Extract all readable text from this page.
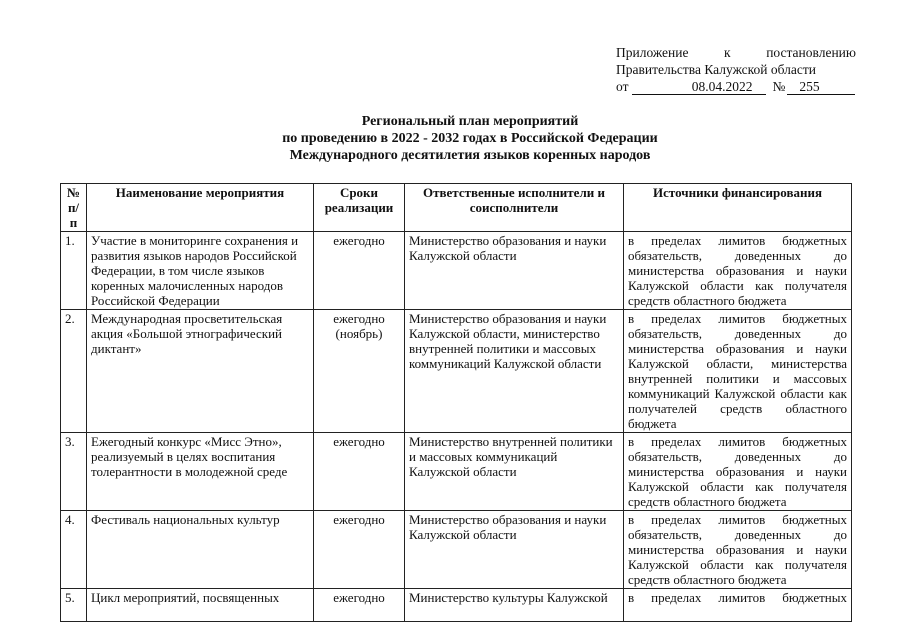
Приложение	к	постановлению
Правительства Калужской области
от	08.04.2022	№	255
Региональный план мероприятий
по проведению в 2022 - 2032 годах в Российской Федерации
Международного десятилетия языков коренных народов
№ п/п	Наименование мероприятия	Сроки реализации	Ответственные исполнители и соисполнители	Источники финансирования
1.	Участие в мониторинге сохранения и развития языков народов Российской Федерации, в том числе языков коренных малочисленных народов Российской Федерации	ежегодно	Министерство образования и науки Калужской области	в пределах лимитов бюджетных обязательств, доведенных до министерства образования и науки Калужской области как получателя
средств областного бюджета

2.	Международная просветительская акция «Большой этнографический диктант»	ежегодно (ноябрь)	Министерство образования и науки Калужской области, министерство внутренней политики и массовых коммуникаций Калужской области	в пределах лимитов бюджетных обязательств, доведенных до министерства образования и науки Калужской области, министерства внутренней политики и массовых коммуникаций Калужской области как получателей средств областного
бюджета

3.	Ежегодный конкурс «Мисс Этно», реализуемый в целях воспитания толерантности в молодежной среде	ежегодно	Министерство внутренней политики и массовых коммуникаций Калужской области	в пределах лимитов бюджетных обязательств, доведенных до министерства образования и науки Калужской области как получателя
средств областного бюджета

4.	Фестиваль национальных культур	ежегодно	Министерство образования и науки Калужской области	в пределах лимитов бюджетных обязательств, доведенных до министерства образования и науки Калужской области как получателя
средств областного бюджета

5.	Цикл мероприятий, посвященных	ежегодно	Министерство культуры Калужской	в пределах лимитов бюджетных
